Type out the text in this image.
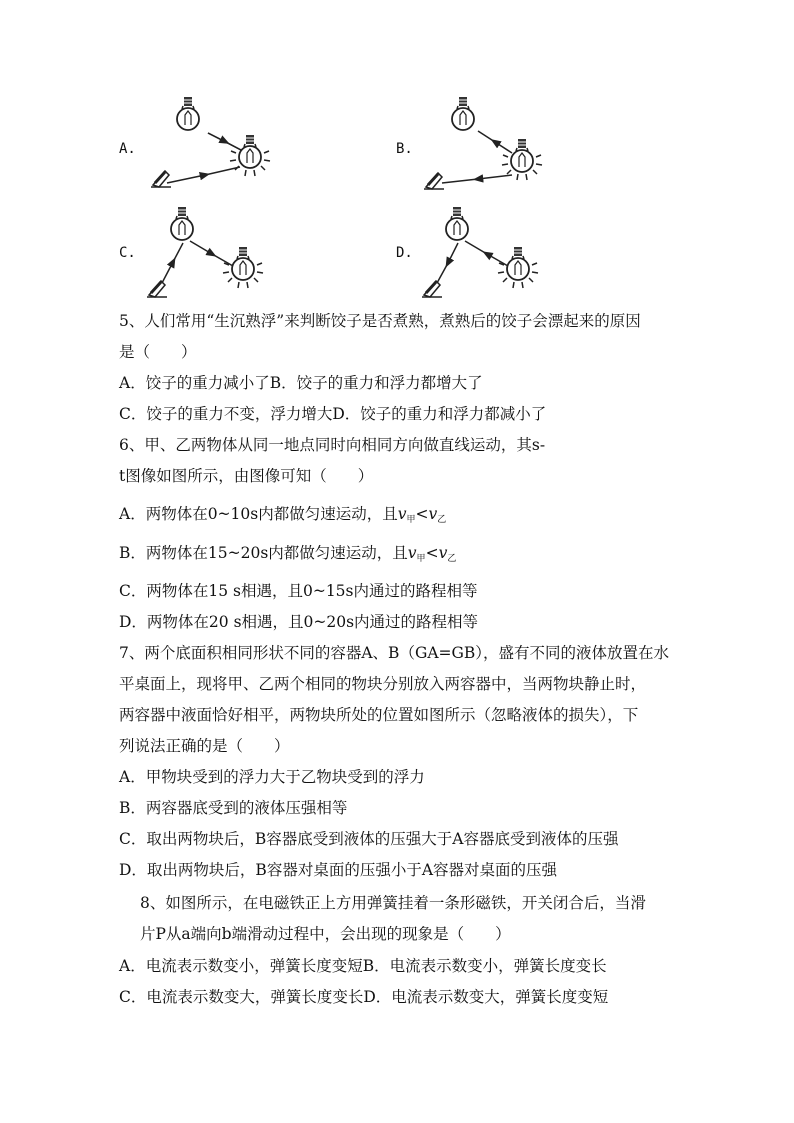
A.	B.
C.	D.
5、人们常用“生沉熟浮”来判断饺子是否煮熟，煮熟后的饺子会漂起来的原因
是（　　）
A．饺子的重力减小了B．饺子的重力和浮力都增大了
C．饺子的重力不变，浮力增大D．饺子的重力和浮力都减小了
6、甲、乙两物体从同一地点同时向相同方向做直线运动，其s-
t图像如图所示，由图像可知（　　）
A．两物体在0~10s内都做匀速运动，且$v_甲<v_乙$
B．两物体在15~20s内都做匀速运动，且$v_甲<v_乙$
C．两物体在15 s相遇，且0~15s内通过的路程相等
D．两物体在20 s相遇，且0~20s内通过的路程相等
7、两个底面积相同形状不同的容器A、B（GA=GB），盛有不同的液体放置在水
平桌面上，现将甲、乙两个相同的物块分别放入两容器中，当两物块静止时，
两容器中液面恰好相平，两物块所处的位置如图所示（忽略液体的损失），下
列说法正确的是（　　）
A．甲物块受到的浮力大于乙物块受到的浮力
B．两容器底受到的液体压强相等
C．取出两物块后，B容器底受到液体的压强大于A容器底受到液体的压强
D．取出两物块后，B容器对桌面的压强小于A容器对桌面的压强
8、如图所示，在电磁铁正上方用弹簧挂着一条形磁铁，开关闭合后，当滑
片P从a端向b端滑动过程中，会出现的现象是（　　）
A．电流表示数变小，弹簧长度变短B．电流表示数变小，弹簧长度变长
C．电流表示数变大，弹簧长度变长D．电流表示数变大，弹簧长度变短
